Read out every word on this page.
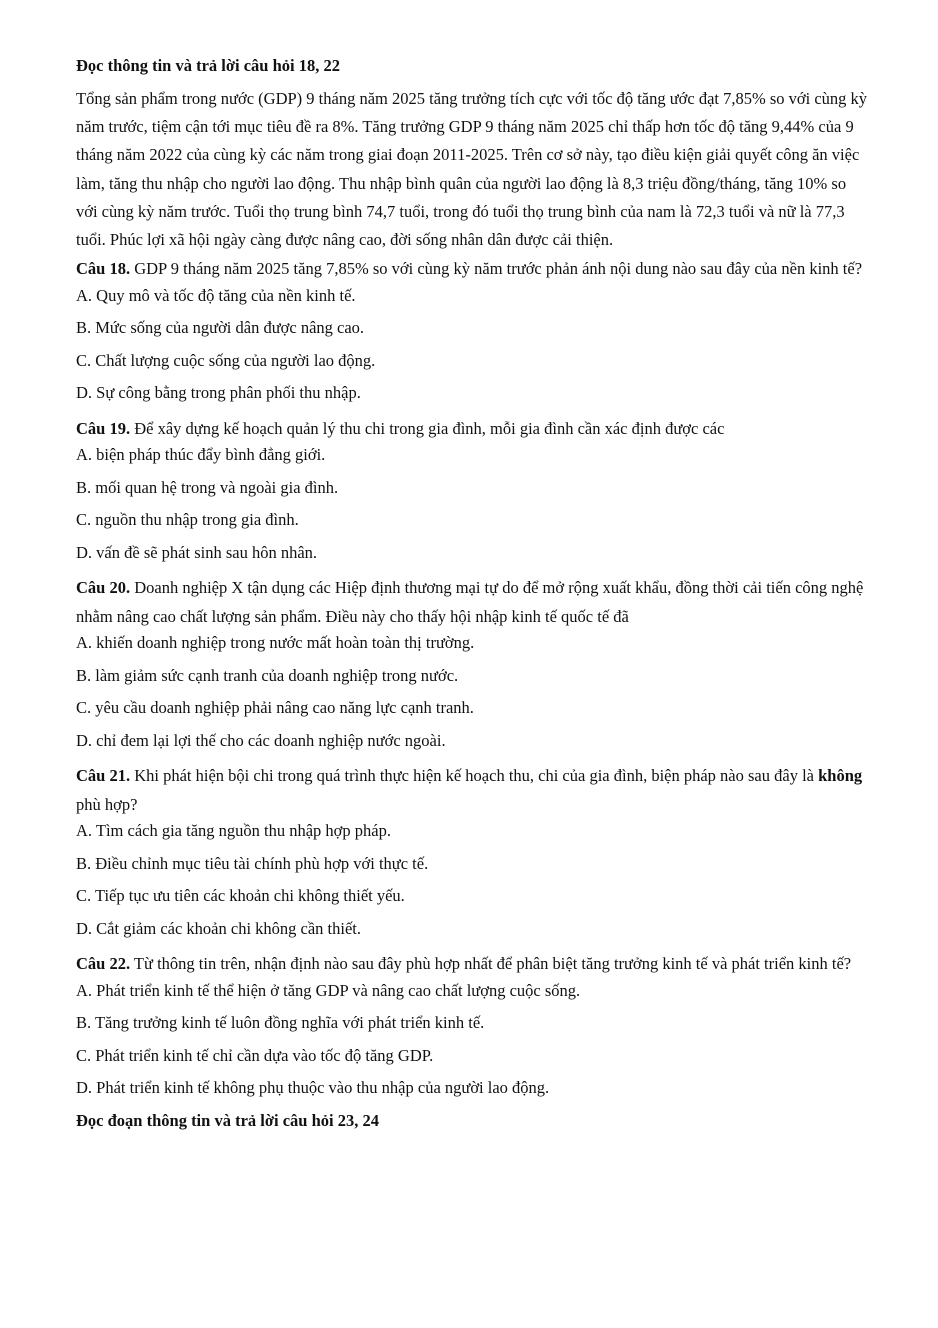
Đọc thông tin và trả lời câu hỏi 18, 22
Tổng sản phẩm trong nước (GDP) 9 tháng năm 2025 tăng trưởng tích cực với tốc độ tăng ước đạt 7,85% so với cùng kỳ năm trước, tiệm cận tới mục tiêu đề ra 8%. Tăng trưởng GDP 9 tháng năm 2025 chỉ thấp hơn tốc độ tăng 9,44% của 9 tháng năm 2022 của cùng kỳ các năm trong giai đoạn 2011-2025. Trên cơ sở này, tạo điều kiện giải quyết công ăn việc làm, tăng thu nhập cho người lao động. Thu nhập bình quân của người lao động là 8,3 triệu đồng/tháng, tăng 10% so với cùng kỳ năm trước. Tuổi thọ trung bình 74,7 tuổi, trong đó tuổi thọ trung bình của nam là 72,3 tuổi và nữ là 77,3 tuổi. Phúc lợi xã hội ngày càng được nâng cao, đời sống nhân dân được cải thiện.
Câu 18. GDP 9 tháng năm 2025 tăng 7,85% so với cùng kỳ năm trước phản ánh nội dung nào sau đây của nền kinh tế?
A. Quy mô và tốc độ tăng của nền kinh tế.
B. Mức sống của người dân được nâng cao.
C. Chất lượng cuộc sống của người lao động.
D. Sự công bằng trong phân phối thu nhập.
Câu 19. Để xây dựng kế hoạch quản lý thu chi trong gia đình, mỗi gia đình cần xác định được các
A. biện pháp thúc đẩy bình đẳng giới.
B. mối quan hệ trong và ngoài gia đình.
C. nguồn thu nhập trong gia đình.
D. vấn đề sẽ phát sinh sau hôn nhân.
Câu 20. Doanh nghiệp X tận dụng các Hiệp định thương mại tự do để mở rộng xuất khẩu, đồng thời cải tiến công nghệ nhằm nâng cao chất lượng sản phẩm. Điều này cho thấy hội nhập kinh tế quốc tế đã
A. khiến doanh nghiệp trong nước mất hoàn toàn thị trường.
B. làm giảm sức cạnh tranh của doanh nghiệp trong nước.
C. yêu cầu doanh nghiệp phải nâng cao năng lực cạnh tranh.
D. chỉ đem lại lợi thế cho các doanh nghiệp nước ngoài.
Câu 21. Khi phát hiện bội chi trong quá trình thực hiện kế hoạch thu, chi của gia đình, biện pháp nào sau đây là không phù hợp?
A. Tìm cách gia tăng nguồn thu nhập hợp pháp.
B. Điều chỉnh mục tiêu tài chính phù hợp với thực tế.
C. Tiếp tục ưu tiên các khoản chi không thiết yếu.
D. Cắt giảm các khoản chi không cần thiết.
Câu 22. Từ thông tin trên, nhận định nào sau đây phù hợp nhất để phân biệt tăng trưởng kinh tế và phát triển kinh tế?
A. Phát triển kinh tế thể hiện ở tăng GDP và nâng cao chất lượng cuộc sống.
B. Tăng trưởng kinh tế luôn đồng nghĩa với phát triển kinh tế.
C. Phát triển kinh tế chỉ cần dựa vào tốc độ tăng GDP.
D. Phát triển kinh tế không phụ thuộc vào thu nhập của người lao động.
Đọc đoạn thông tin và trả lời câu hỏi 23, 24
